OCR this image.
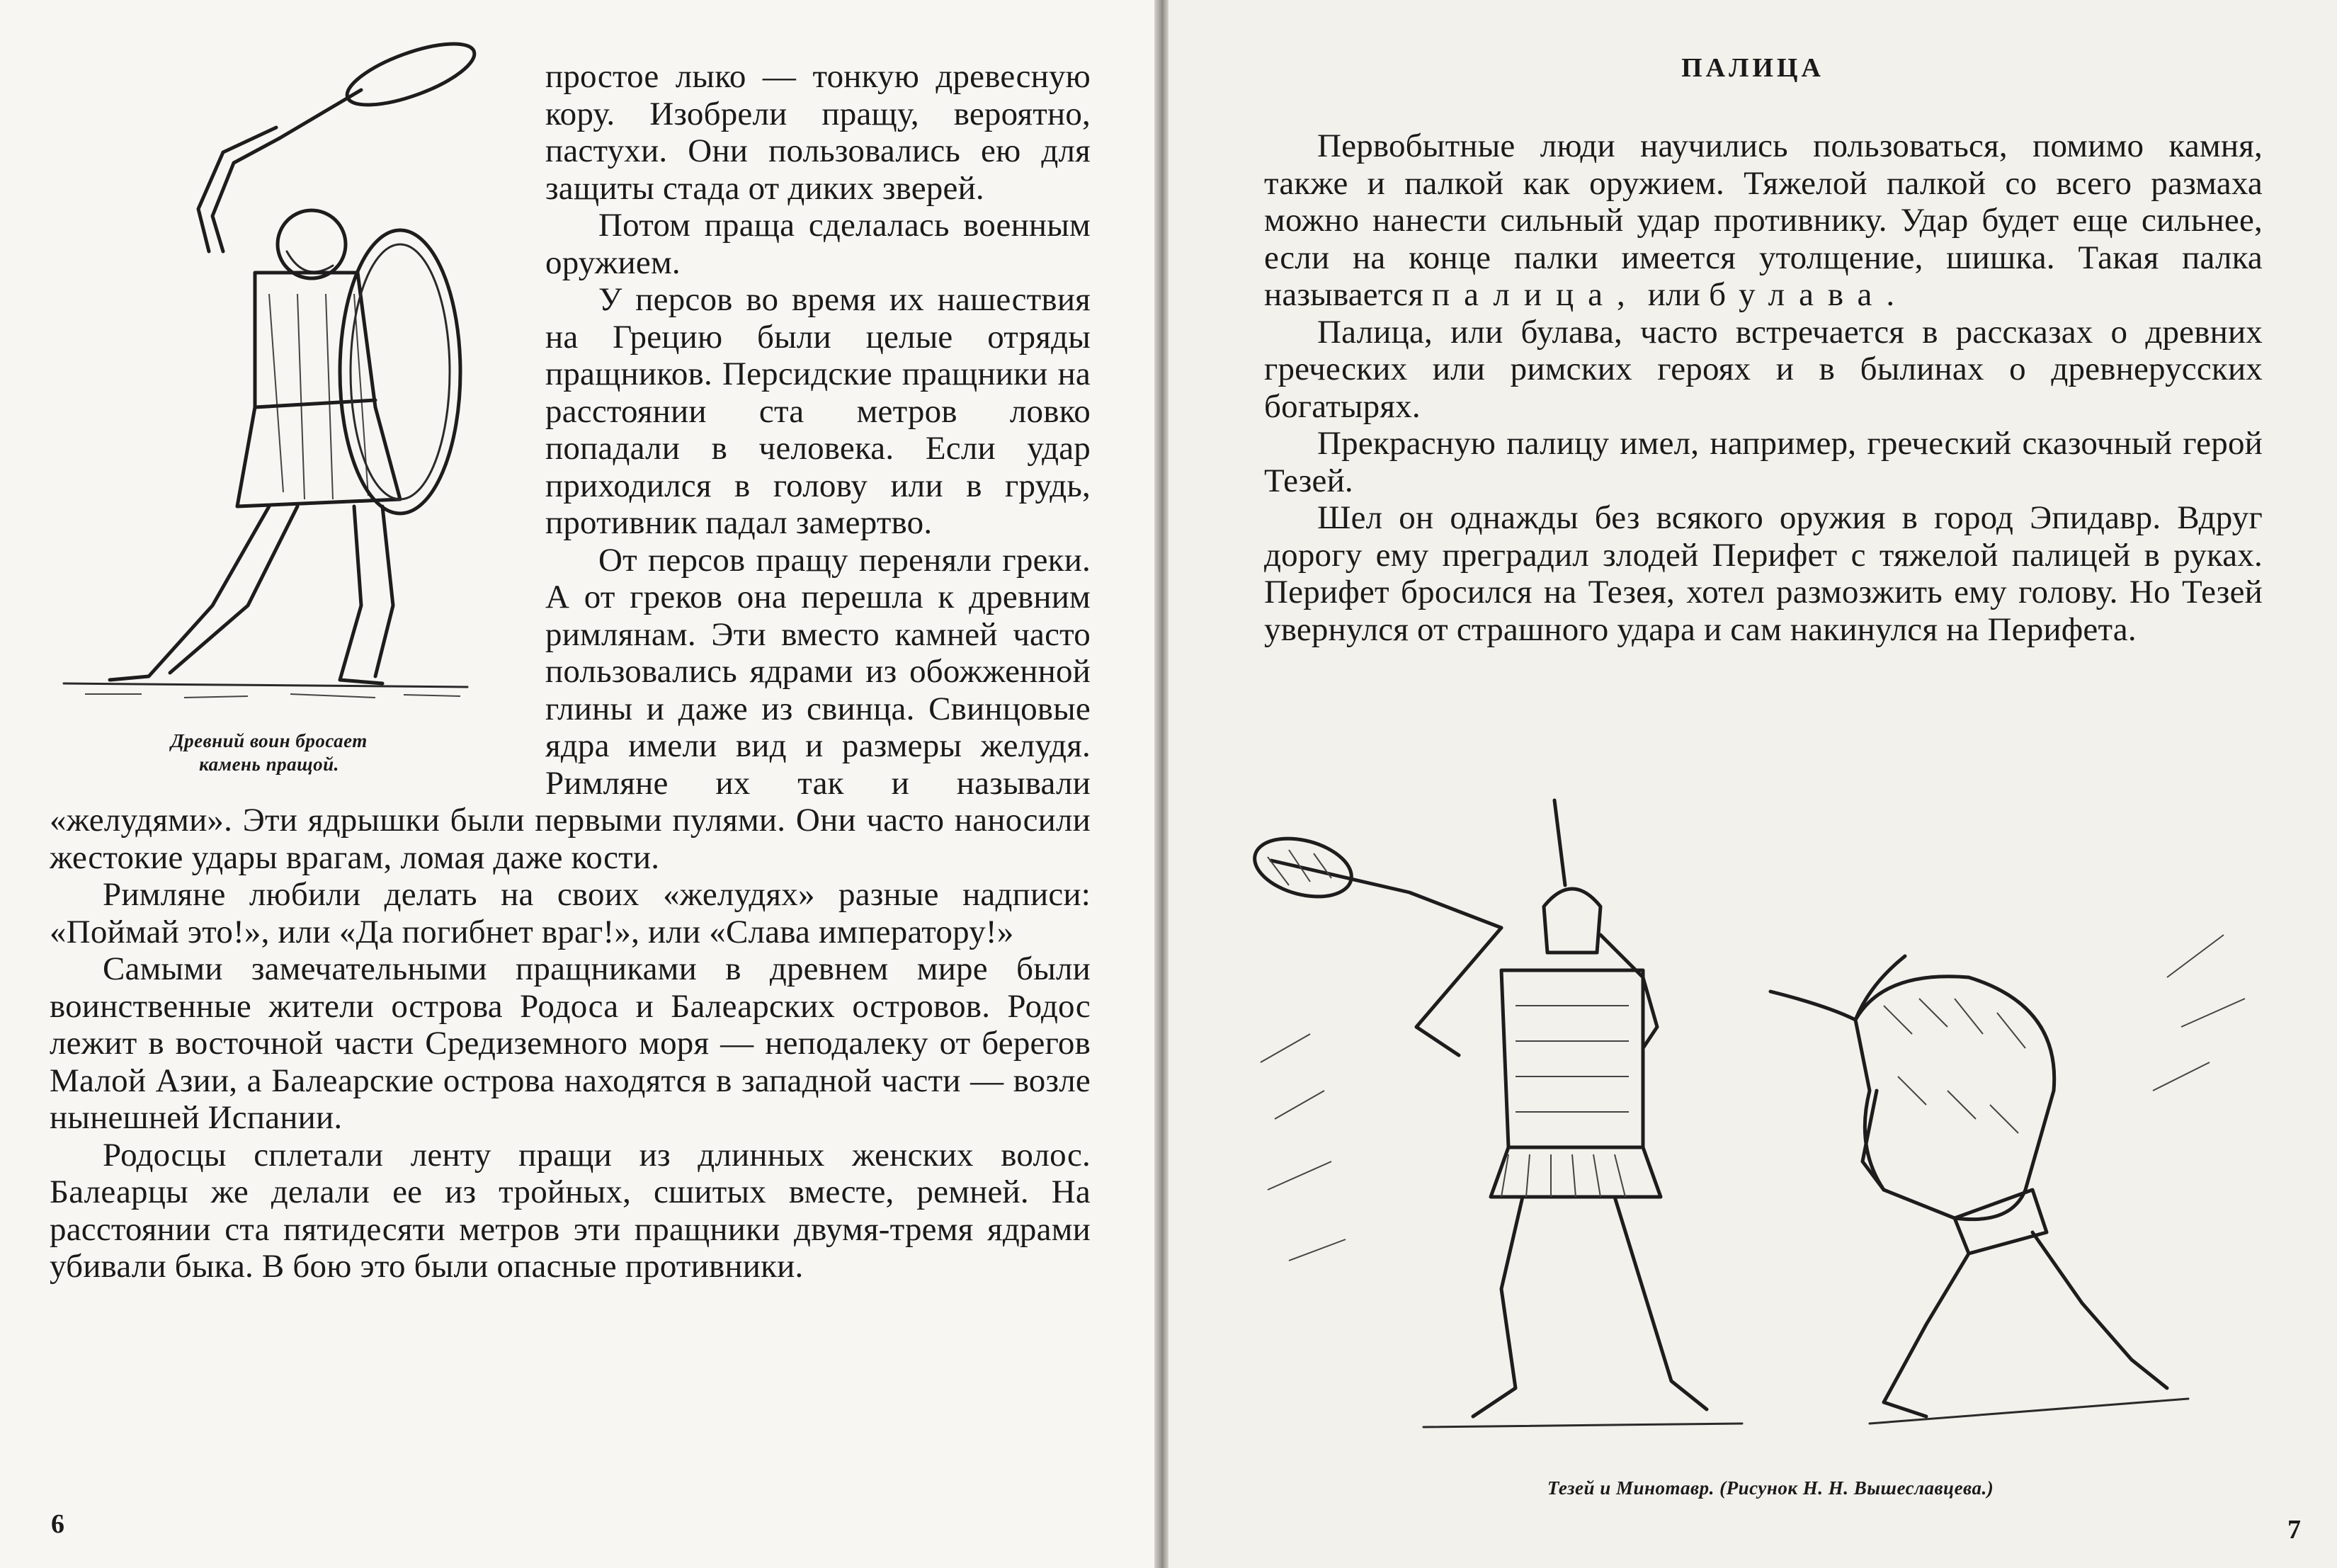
Древний воин бросает
камень пращой.

простое лыко — тонкую древесную кору. Изобрели пращу, вероятно, пастухи. Они пользовались ею для защиты стада от диких зверей.

Потом праща сделалась военным оружием.

У персов во время их нашествия на Грецию были целые отряды пращников. Персидские пращники на расстоянии ста метров ловко попадали в человека. Если удар приходился в голову или в грудь, противник падал замертво.

От персов пращу переняли греки. А от греков она перешла к древним римлянам. Эти вместо камней часто пользовались ядрами из обожженной глины и даже из свинца. Свинцовые ядра имели вид и размеры желудя. Римляне их так и называли «желудями». Эти ядрышки были первыми пулями. Они часто наносили жестокие удары врагам, ломая даже кости.

Римляне любили делать на своих «желудях» разные надписи: «Поймай это!», или «Да погибнет враг!», или «Слава императору!»

Самыми замечательными пращниками в древнем мире были воинственные жители острова Родоса и Балеарских островов. Родос лежит в восточной части Средиземного моря — неподалеку от берегов Малой Азии, а Балеарские острова находятся в западной части — возле нынешней Испании.

Родосцы сплетали ленту пращи из длинных женских волос. Балеарцы же делали ее из тройных, сшитых вместе, ремней. На расстоянии ста пятидесяти метров эти пращники двумя-тремя ядрами убивали быка. В бою это были опасные противники.

6
ПАЛИЦА

Первобытные люди научились пользоваться, помимо камня, также и палкой как оружием. Тяжелой палкой со всего размаха можно нанести сильный удар противнику. Удар будет еще сильнее, если на конце палки имеется утолщение, шишка. Такая палка называется палица, или булава.

Палица, или булава, часто встречается в рассказах о древних греческих или римских героях и в былинах о древнерусских богатырях.

Прекрасную палицу имел, например, греческий сказочный герой Тезей.

Шел он однажды без всякого оружия в город Эпидавр. Вдруг дорогу ему преградил злодей Перифет с тяжелой палицей в руках. Перифет бросился на Тезея, хотел размозжить ему голову. Но Тезей увернулся от страшного удара и сам накинулся на Перифета.

Тезей и Минотавр. (Рисунок Н. Н. Вышеславцева.)
7
